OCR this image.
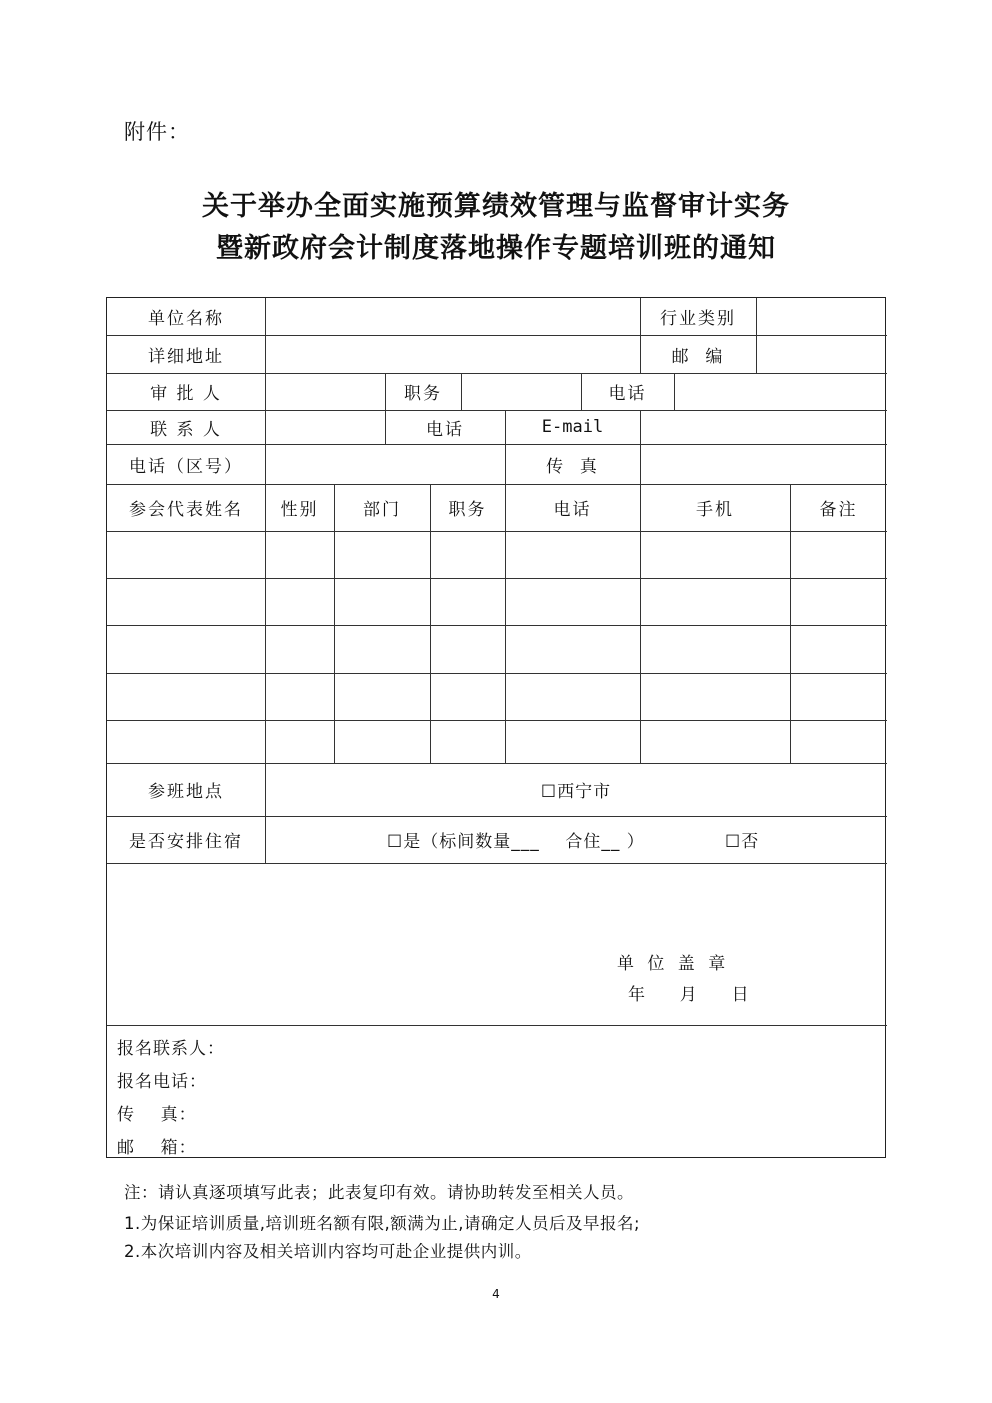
附件：
关于举办全面实施预算绩效管理与监督审计实务
暨新政府会计制度落地操作专题培训班的通知
单位名称	行业类别
详细地址	邮  编
审 批 人	职务	电话
联 系 人	电话	E-mail
电话（区号）	传  真
参会代表姓名	性别	部门	职务	电话	手机	备注
参班地点	☐西宁市
是否安排住宿	☐是（标间数量___    合住__ ）	☐否
单 位 盖 章
年  月  日
报名联系人：
报名电话：
传    真：
邮    箱：
注：请认真逐项填写此表；此表复印有效。请协助转发至相关人员。
1.为保证培训质量,培训班名额有限,额满为止,请确定人员后及早报名;
2.本次培训内容及相关培训内容均可赴企业提供内训。
4
